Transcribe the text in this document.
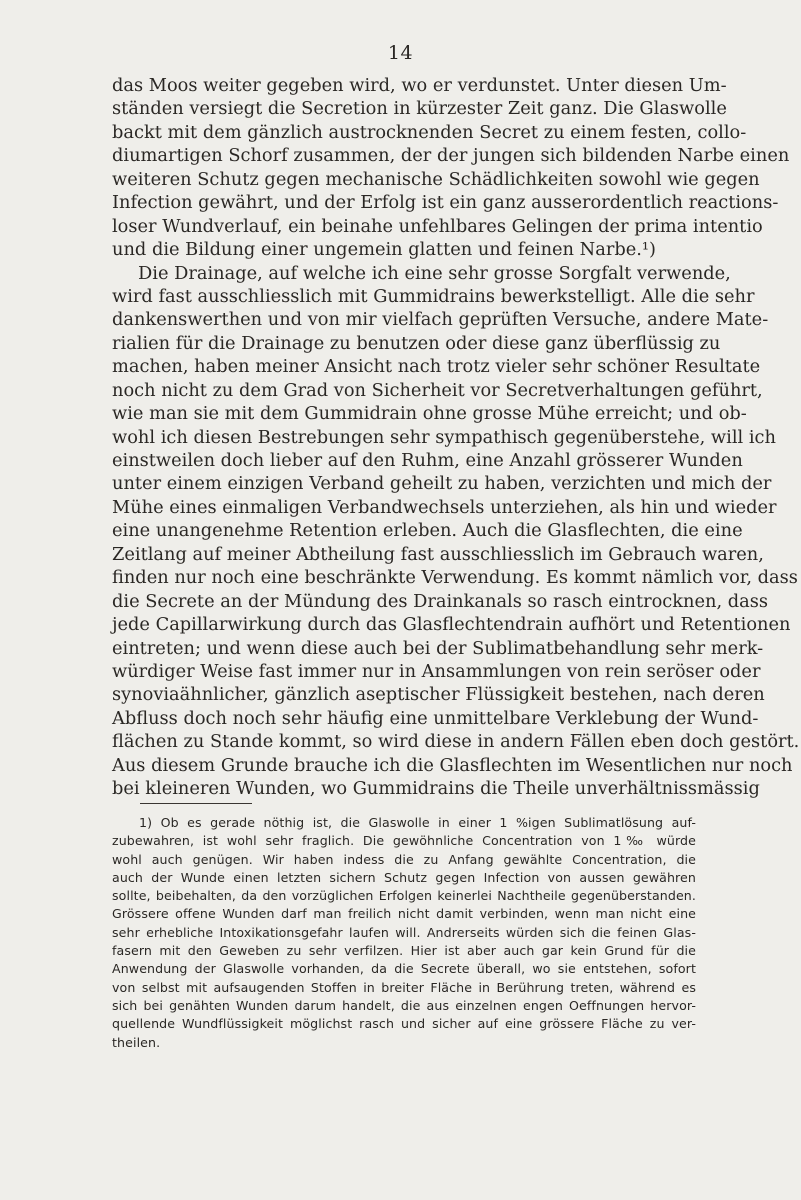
14
das Moos weiter gegeben wird, wo er verdunstet. Unter diesen Um-
ständen versiegt die Secretion in kürzester Zeit ganz. Die Glaswolle
backt mit dem gänzlich austrocknenden Secret zu einem festen, collo-
diumartigen Schorf zusammen, der der jungen sich bildenden Narbe einen
weiteren Schutz gegen mechanische Schädlichkeiten sowohl wie gegen
Infection gewährt, und der Erfolg ist ein ganz ausserordentlich reactions-
loser Wundverlauf, ein beinahe unfehlbares Gelingen der prima intentio
und die Bildung einer ungemein glatten und feinen Narbe.¹)
Die Drainage, auf welche ich eine sehr grosse Sorgfalt verwende,
wird fast ausschliesslich mit Gummidrains bewerkstelligt. Alle die sehr
dankenswerthen und von mir vielfach geprüften Versuche, andere Mate-
rialien für die Drainage zu benutzen oder diese ganz überflüssig zu
machen, haben meiner Ansicht nach trotz vieler sehr schöner Resultate
noch nicht zu dem Grad von Sicherheit vor Secretverhaltungen geführt,
wie man sie mit dem Gummidrain ohne grosse Mühe erreicht; und ob-
wohl ich diesen Bestrebungen sehr sympathisch gegenüberstehe, will ich
einstweilen doch lieber auf den Ruhm, eine Anzahl grösserer Wunden
unter einem einzigen Verband geheilt zu haben, verzichten und mich der
Mühe eines einmaligen Verbandwechsels unterziehen, als hin und wieder
eine unangenehme Retention erleben. Auch die Glasflechten, die eine
Zeitlang auf meiner Abtheilung fast ausschliesslich im Gebrauch waren,
finden nur noch eine beschränkte Verwendung. Es kommt nämlich vor, dass
die Secrete an der Mündung des Drainkanals so rasch eintrocknen, dass
jede Capillarwirkung durch das Glasflechtendrain aufhört und Retentionen
eintreten; und wenn diese auch bei der Sublimatbehandlung sehr merk-
würdiger Weise fast immer nur in Ansammlungen von rein seröser oder
synoviaähnlicher, gänzlich aseptischer Flüssigkeit bestehen, nach deren
Abfluss doch noch sehr häufig eine unmittelbare Verklebung der Wund-
flächen zu Stande kommt, so wird diese in andern Fällen eben doch gestört.
Aus diesem Grunde brauche ich die Glasflechten im Wesentlichen nur noch
bei kleineren Wunden, wo Gummidrains die Theile unverhältnissmässig
1) Ob es gerade nöthig ist, die Glaswolle in einer 1 %igen Sublimatlösung auf-
zubewahren, ist wohl sehr fraglich. Die gewöhnliche Concentration von 1‰ würde
wohl auch genügen. Wir haben indess die zu Anfang gewählte Concentration, die
auch der Wunde einen letzten sichern Schutz gegen Infection von aussen gewähren
sollte, beibehalten, da den vorzüglichen Erfolgen keinerlei Nachtheile gegenüberstanden.
Grössere offene Wunden darf man freilich nicht damit verbinden, wenn man nicht eine
sehr erhebliche Intoxikationsgefahr laufen will. Andrerseits würden sich die feinen Glas-
fasern mit den Geweben zu sehr verfilzen. Hier ist aber auch gar kein Grund für die
Anwendung der Glaswolle vorhanden, da die Secrete überall, wo sie entstehen, sofort
von selbst mit aufsaugenden Stoffen in breiter Fläche in Berührung treten, während es
sich bei genähten Wunden darum handelt, die aus einzelnen engen Oeffnungen hervor-
quellende Wundflüssigkeit möglichst rasch und sicher auf eine grössere Fläche zu ver-
theilen.
